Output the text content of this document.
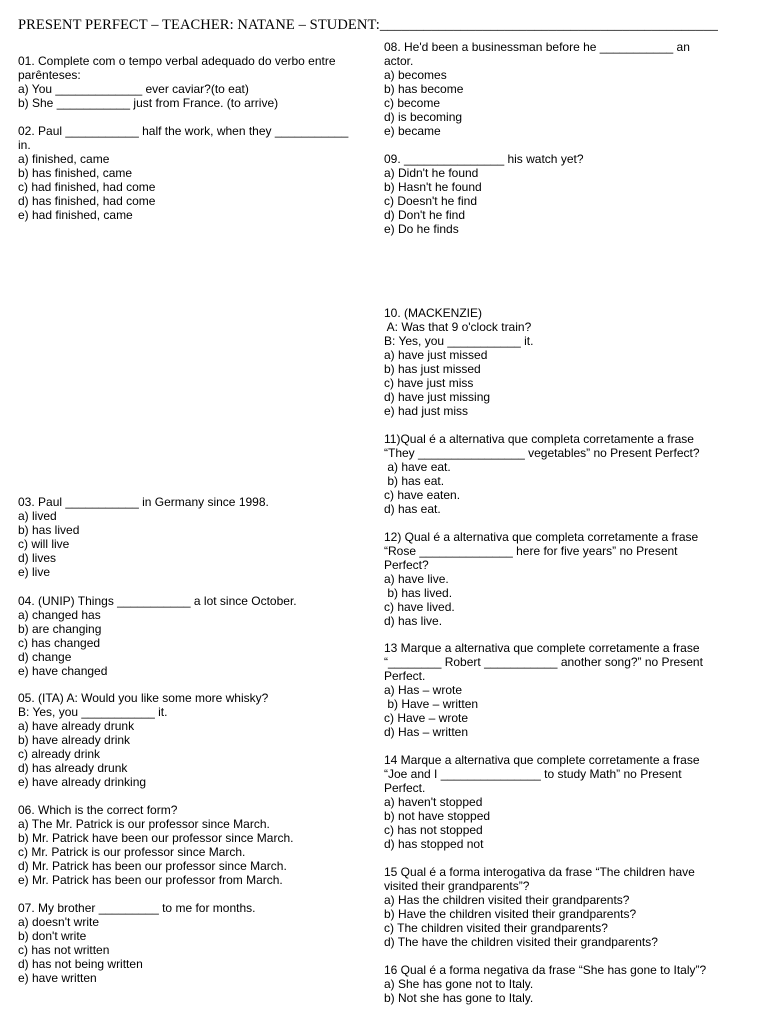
PRESENT PERFECT – TEACHER: NATANE – STUDENT:______________________________________________
01. Complete com o tempo verbal adequado do verbo entre
parênteses:
a) You _____________ ever caviar?(to eat)
b) She ___________ just from France. (to arrive)
02. Paul ___________ half the work, when they ___________
in.
a) finished, came
b) has finished, came
c) had finished, had come
d) has finished, had come
e) had finished, came
03. Paul ___________ in Germany since 1998.
a) lived
b) has lived
c) will live
d) lives
e) live
04. (UNIP) Things ___________ a lot since October.
a) changed has
b) are changing
c) has changed
d) change
e) have changed
05. (ITA) A: Would you like some more whisky?
B: Yes, you ___________ it.
a) have already drunk
b) have already drink
c) already drink
d) has already drunk
e) have already drinking
06. Which is the correct form?
a) The Mr. Patrick is our professor since March.
b) Mr. Patrick have been our professor since March.
c) Mr. Patrick is our professor since March.
d) Mr. Patrick has been our professor since March.
e) Mr. Patrick has been our professor from March.
07. My brother _________ to me for months.
a) doesn't write
b) don't write
c) has not written
d) has not being written
e) have written
08. He'd been a businessman before he ___________ an
actor.
a) becomes
b) has become
c) become
d) is becoming
e) became
09. _______________ his watch yet?
a) Didn't he found
b) Hasn't he found
c) Doesn't he find
d) Don't he find
e) Do he finds
10. (MACKENZIE)
A: Was that 9 o'clock train?
B: Yes, you ___________ it.
a) have just missed
b) has just missed
c) have just miss
d) have just missing
e) had just miss
11)Qual é a alternativa que completa corretamente a frase
“They ________________ vegetables” no Present Perfect?
a) have eat.
b) has eat.
c) have eaten.
d) has eat.
12) Qual é a alternativa que completa corretamente a frase
“Rose ______________ here for five years” no Present
Perfect?
a) have live.
b) has lived.
c) have lived.
d) has live.
13 Marque a alternativa que complete corretamente a frase
“________ Robert ___________ another song?” no Present
Perfect.
a) Has – wrote
b) Have – written
c) Have – wrote
d) Has – written
14 Marque a alternativa que complete corretamente a frase
“Joe and I _______________ to study Math” no Present
Perfect.
a) haven't stopped
b) not have stopped
c) has not stopped
d) has stopped not
15 Qual é a forma interogativa da frase “The children have
visited their grandparents”?
a) Has the children visited their grandparents?
b) Have the children visited their grandparents?
c) The children visited their grandparents?
d) The have the children visited their grandparents?
16 Qual é a forma negativa da frase “She has gone to Italy”?
a) She has gone not to Italy.
b) Not she has gone to Italy.
